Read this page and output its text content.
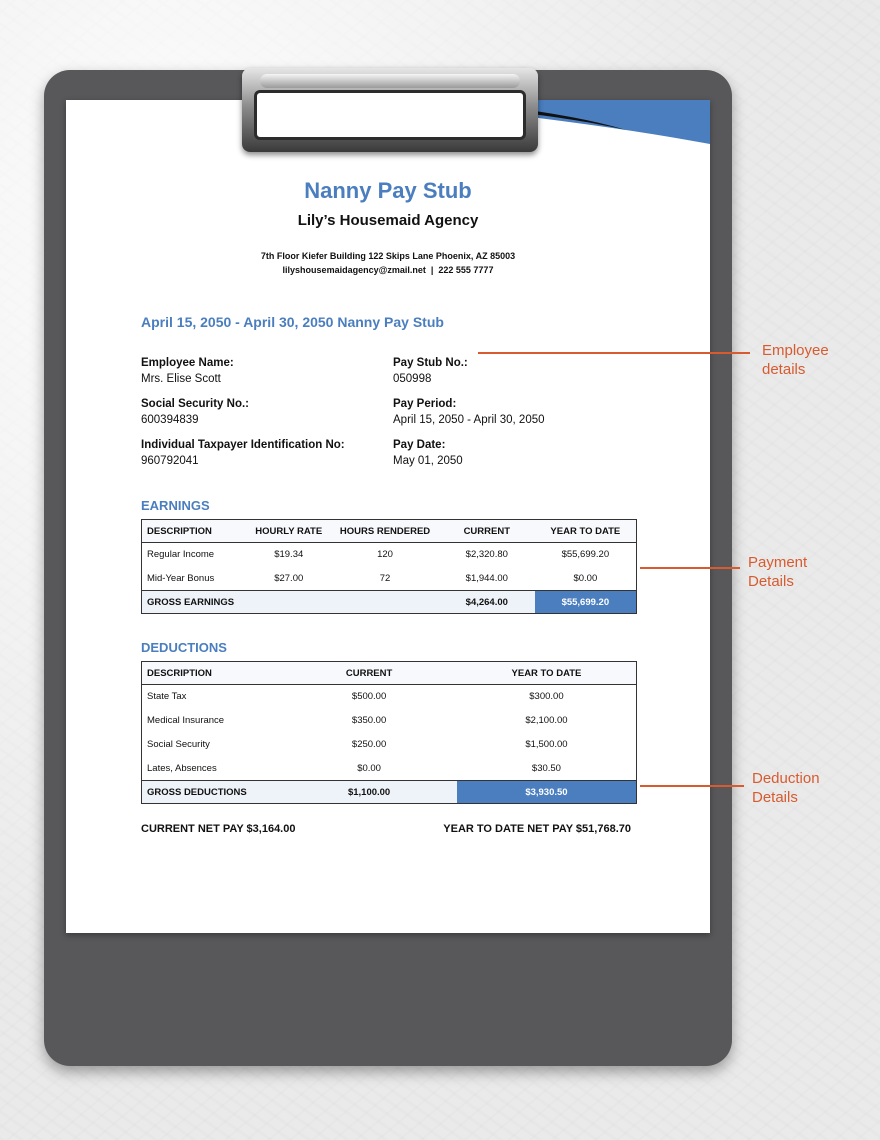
Nanny Pay Stub
Lily’s Housemaid Agency
7th Floor Kiefer Building 122 Skips Lane Phoenix, AZ 85003
lilyshousemaidagency@zmail.net  |  222 555 7777
April 15, 2050 - April 30, 2050 Nanny Pay Stub
Employee Name:
Mrs. Elise Scott
Social Security No.:
600394839
Individual Taxpayer Identification No:
960792041
Pay Stub No.:
050998
Pay Period:
April 15, 2050 - April 30, 2050
Pay Date:
May 01, 2050
EARNINGS
DESCRIPTION	HOURLY RATE	HOURS RENDERED	CURRENT	YEAR TO DATE
Regular Income	$19.34	120	$2,320.80	$55,699.20
Mid-Year Bonus	$27.00	72	$1,944.00	$0.00
GROSS EARNINGS			$4,264.00	$55,699.20
DEDUCTIONS
DESCRIPTION	CURRENT	YEAR TO DATE
State Tax	$500.00	$300.00
Medical Insurance	$350.00	$2,100.00
Social Security	$250.00	$1,500.00
Lates, Absences	$0.00	$30.50
GROSS DEDUCTIONS	$1,100.00	$3,930.50
CURRENT NET PAY $3,164.00	YEAR TO DATE NET PAY $51,768.70
Employee
details
Payment
Details
Deduction
Details
